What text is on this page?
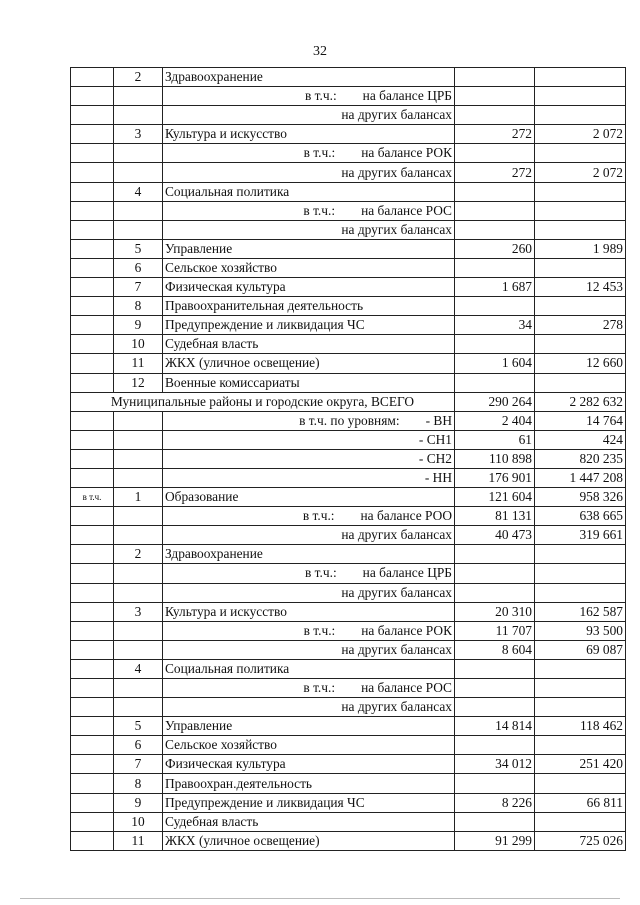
32
	2	Здравоохранение		
		в т.ч.: на балансе ЦРБ		
		на других балансах		
	3	Культура и искусство	272	2 072
		в т.ч.: на балансе РОК		
		на других балансах	272	2 072
	4	Социальная политика		
		в т.ч.: на балансе РОС		
		на других балансах		
	5	Управление	260	1 989
	6	Сельское хозяйство		
	7	Физическая культура	1 687	12 453
	8	Правоохранительная деятельность		
	9	Предупреждение и ликвидация ЧС	34	278
	10	Судебная власть		
	11	ЖКХ (уличное освещение)	1 604	12 660
	12	Военные комиссариаты		
Муниципальные районы и городские округа, ВСЕГО			290 264	2 282 632
		в т.ч. по уровням: - ВН	2 404	14 764
		- СН1	61	424
		- СН2	110 898	820 235
		- НН	176 901	1 447 208
в т.ч.	1	Образование	121 604	958 326
		в т.ч.: на балансе РОО	81 131	638 665
		на других балансах	40 473	319 661
	2	Здравоохранение		
		в т.ч.: на балансе ЦРБ		
		на других балансах		
	3	Культура и искусство	20 310	162 587
		в т.ч.: на балансе РОК	11 707	93 500
		на других балансах	8 604	69 087
	4	Социальная политика		
		в т.ч.: на балансе РОС		
		на других балансах		
	5	Управление	14 814	118 462
	6	Сельское хозяйство		
	7	Физическая культура	34 012	251 420
	8	Правоохран.деятельность		
	9	Предупреждение и ликвидация ЧС	8 226	66 811
	10	Судебная власть		
	11	ЖКХ (уличное освещение)	91 299	725 026
